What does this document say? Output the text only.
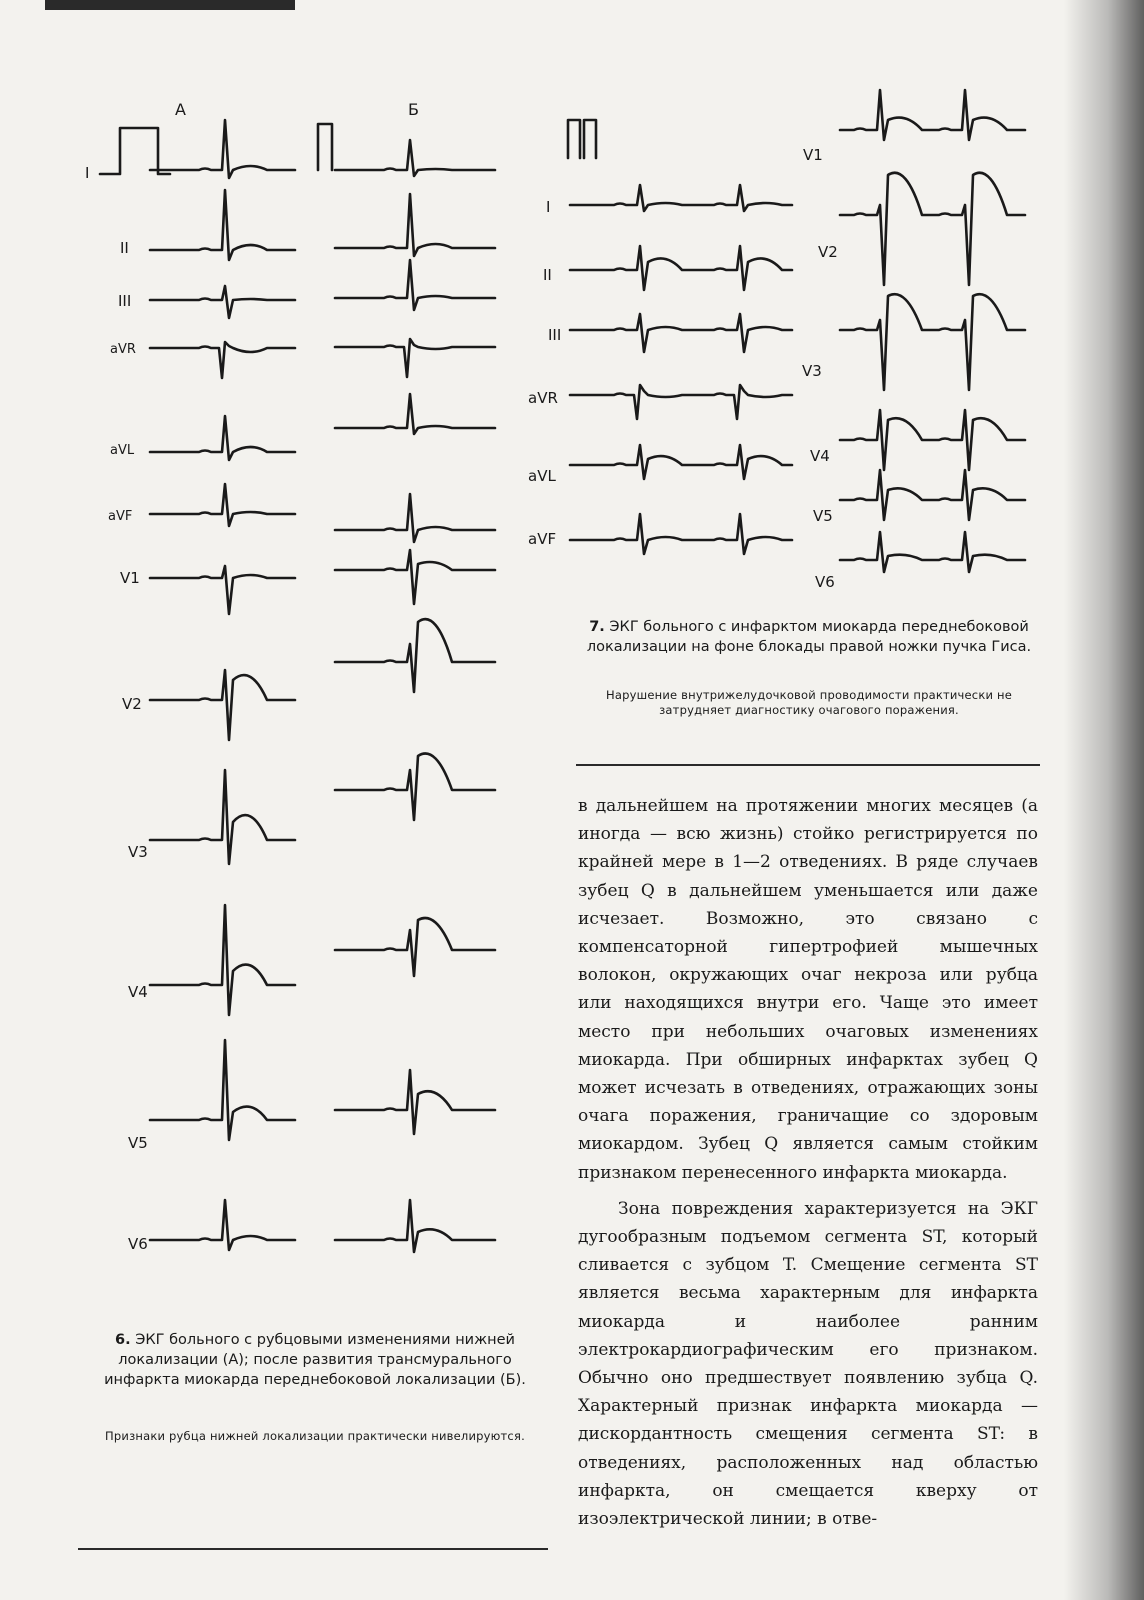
А	Б
I
II
III
aVR
aVL
aVF
V1
V2
V3
V4
V5
V6
6. ЭКГ больного с рубцовыми изменениями нижней локализации (А); после развития трансмурального инфаркта миокарда переднебоковой локализации (Б).
Признаки рубца нижней локализации практически нивелируются.
I
II
III
aVR
aVL
aVF
V1
V2
V3
V4
V5
V6
7. ЭКГ больного с инфарктом миокарда переднебоковой локализации на фоне блокады правой ножки пучка Гиса.
Нарушение внутрижелудочковой проводимости практически не затрудняет диагностику очагового поражения.

в дальнейшем на протяжении многих месяцев (а иногда — всю жизнь) стойко регистрируется по крайней мере в 1—2 отведениях. В ряде случаев зубец Q в дальнейшем уменьшается или даже исчезает. Возможно, это связано с компенсаторной гипертрофией мышечных волокон, окружающих очаг некроза или рубца или находящихся внутри его. Чаще это имеет место при небольших очаговых изменениях миокарда. При обширных инфарктах зубец Q может исчезать в отведениях, отражающих зоны очага поражения, граничащие со здоровым миокардом. Зубец Q является самым стойким признаком перенесенного инфаркта миокарда.

Зона повреждения характеризуется на ЭКГ дугообразным подъемом сегмента ST, который сливается с зубцом T. Смещение сегмента ST является весьма характерным для инфаркта миокарда и наиболее ранним электрокардиографическим его признаком. Обычно оно предшествует появлению зубца Q. Характерный признак инфаркта миокарда — дискордантность смещения сегмента ST: в отведениях, расположенных над областью инфаркта, он смещается кверху от изоэлектрической линии; в отве-
